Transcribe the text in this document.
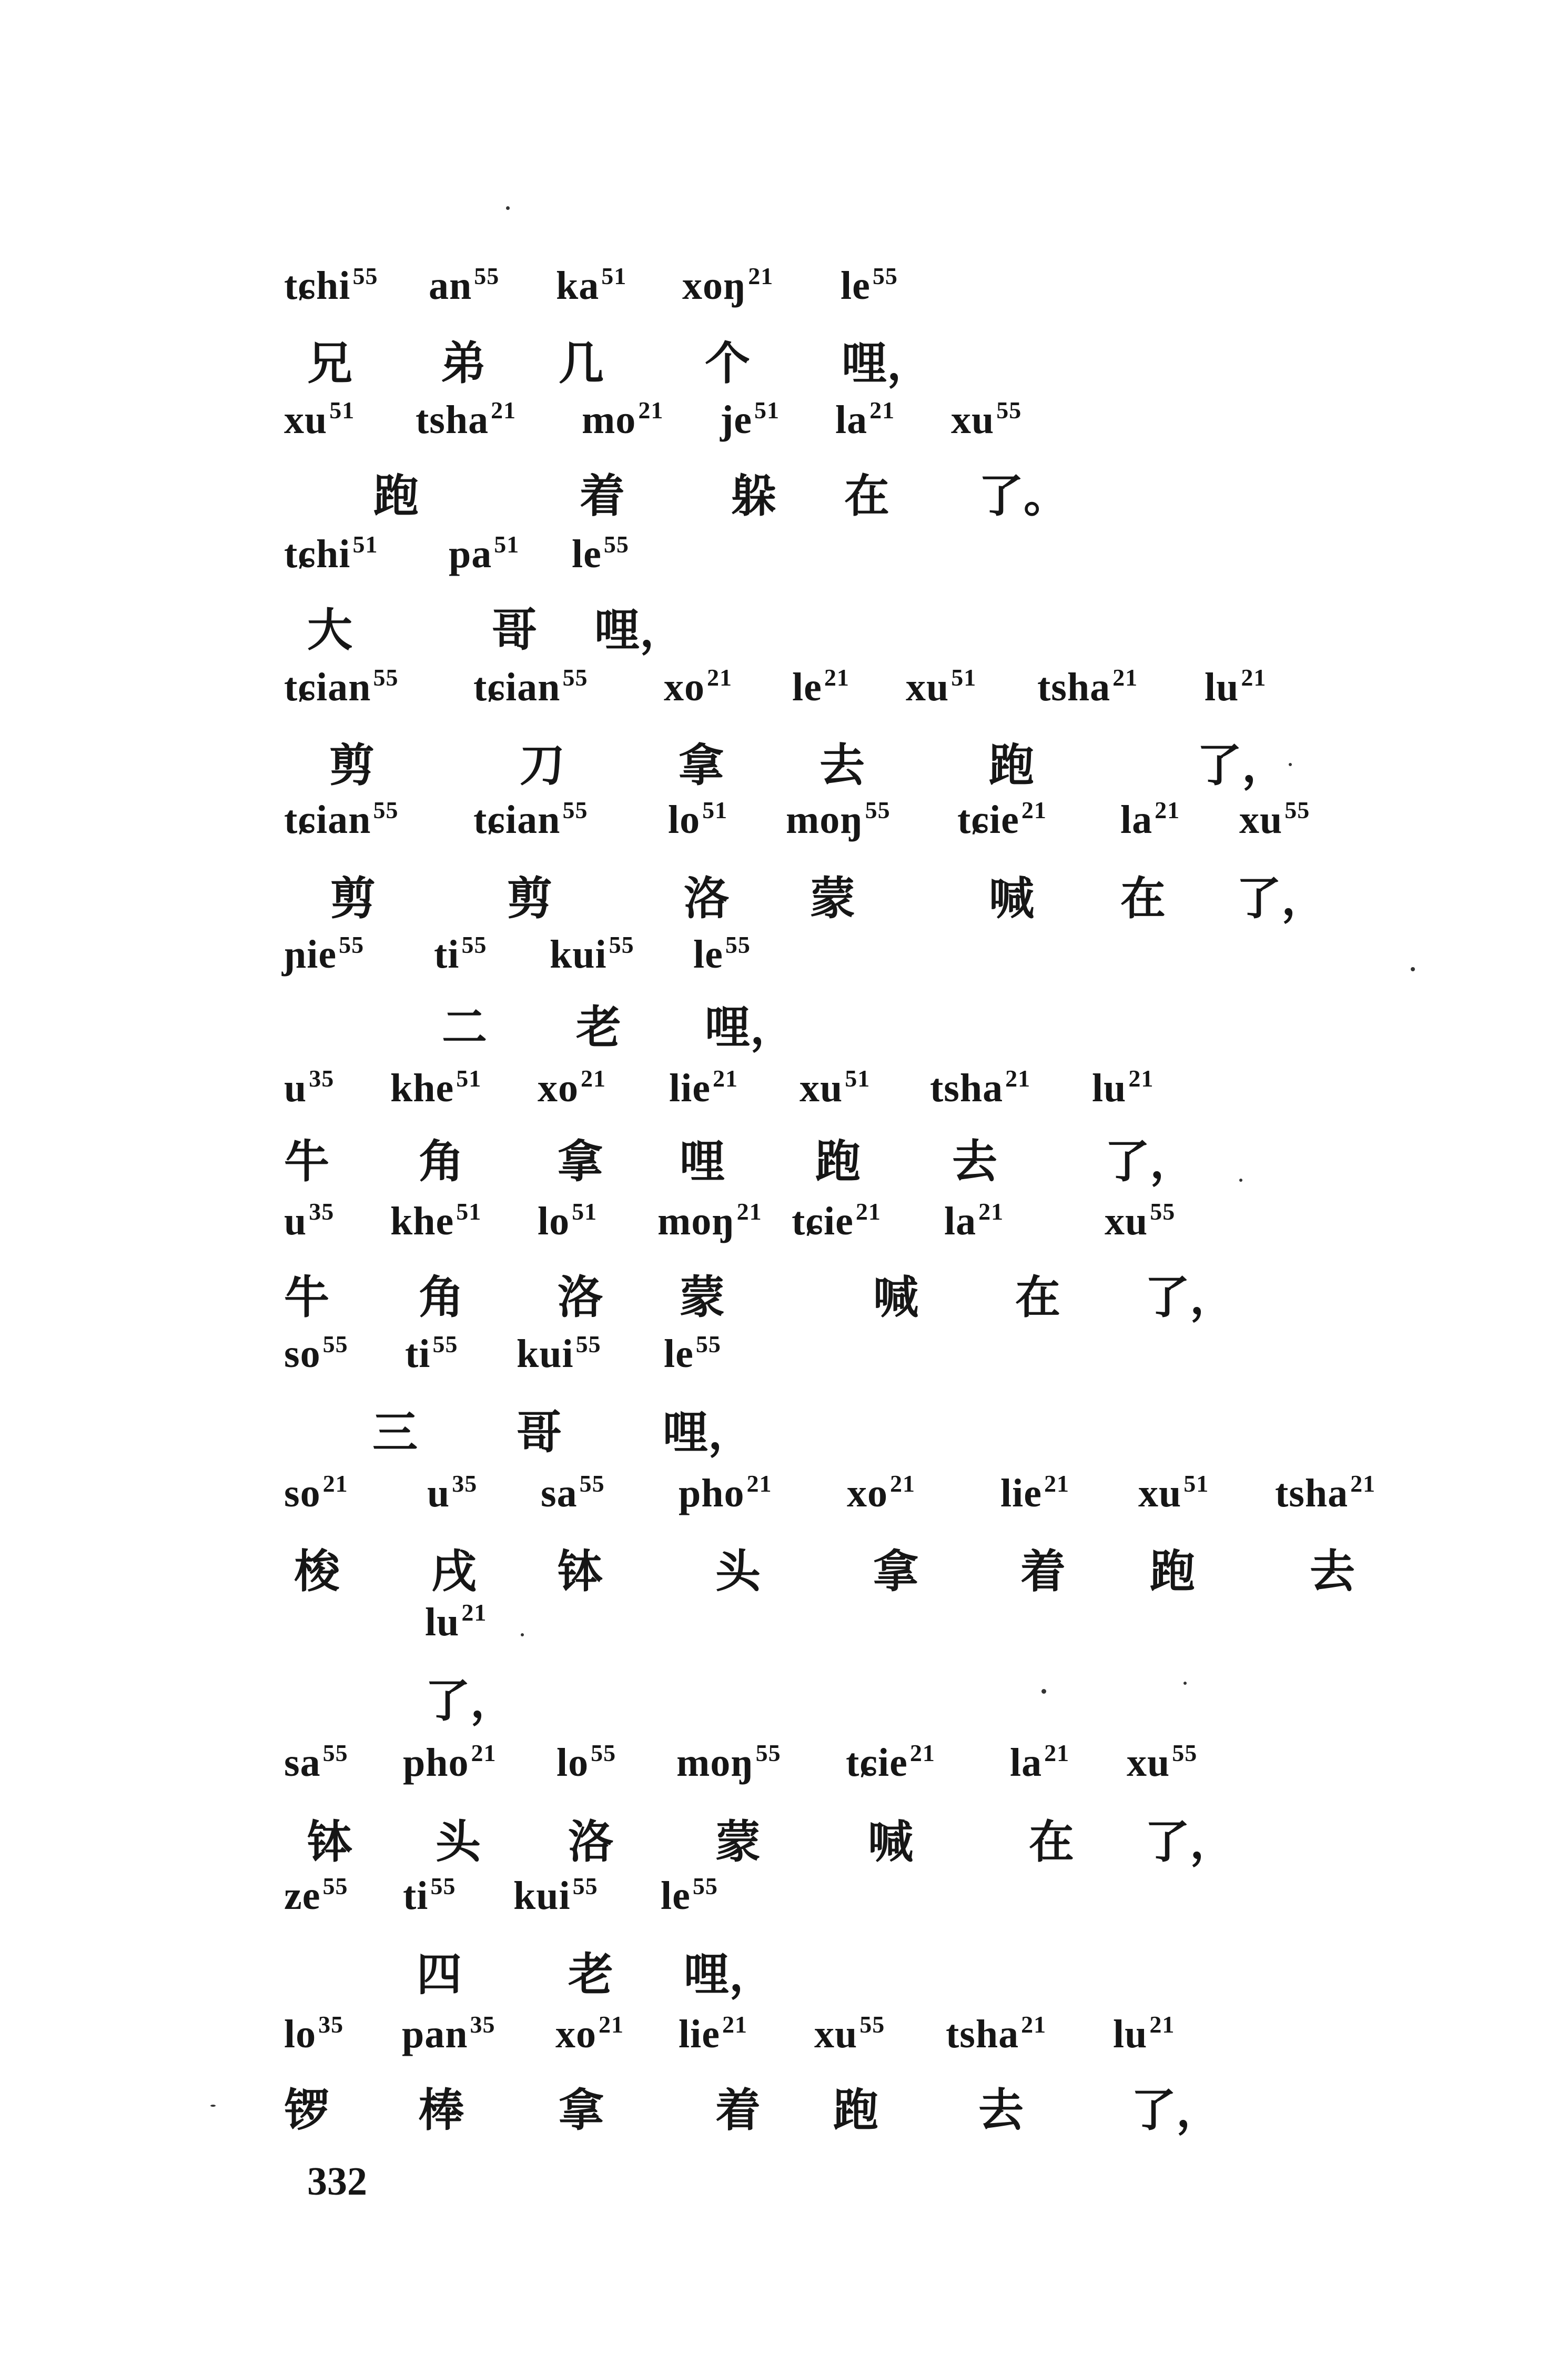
tɕhi$^{55}$ $an^{55}$ $ka^{51}$ xoŋ$^{21}$ $le^{55}$
兄 弟 几 个 哩，
$xu^{51}$ tsha$^{21}$ $mo^{21}$ $je^{51}$ $la^{21}$ $xu^{55}$
跑	着 躲 在 了。
tɕhi$^{51}$ $pa^{51}$ $le^{55}$
大	哥 哩，
tɕian$^{55}$ tɕian$^{55}$ $xo^{21}$ $le^{21}$ $xu^{51}$ tsha$^{21}$ $lu^{21}$
剪	刀	拿 去	跑	了，
tɕian$^{55}$ tɕian$^{55}$ $lo^{51}$ moŋ$^{55}$ tɕie$^{21}$ $la^{21}$ $xu^{55}$
剪	剪	洛 蒙	喊 在 了，
ɲie$^{55}$ $ti^{55}$ kui$^{55}$ $le^{55}$
二 老 哩，
$u^{35}$ khe$^{51}$ $xo^{21}$ lie$^{21}$ $xu^{51}$ tsha$^{21}$ $lu^{21}$
牛 角 拿 哩 跑 去 了，
$u^{35}$ khe$^{51}$ $lo^{51}$ moŋ$^{21}$ tɕie$^{21}$ $la^{21}$	$xu^{55}$
牛 角 洛 蒙	喊 在 了，
$so^{55}$ $ti^{55}$ kui$^{55}$ $le^{55}$
三 哥 哩，
$so^{21}$ $u^{35}$ $sa^{55}$ pho$^{21}$ $xo^{21}$ lie$^{21}$ $xu^{51}$ tsha$^{21}$
梭 戌 钵 头 拿 着 跑	去
$lu^{21}$
了，
$sa^{55}$ pho$^{21}$ $lo^{55}$ moŋ$^{55}$ tɕie$^{21}$ $la^{21}$ $xu^{55}$
钵 头 洛 蒙 喊	在 了，
$ze^{55}$ $ti^{55}$ kui$^{55}$ $le^{55}$
四 老 哩，
$lo^{35}$ pan$^{35}$ $xo^{21}$ lie$^{21}$ $xu^{55}$ tsha$^{21}$ $lu^{21}$
锣 棒 拿 着 跑 去 了，
332
